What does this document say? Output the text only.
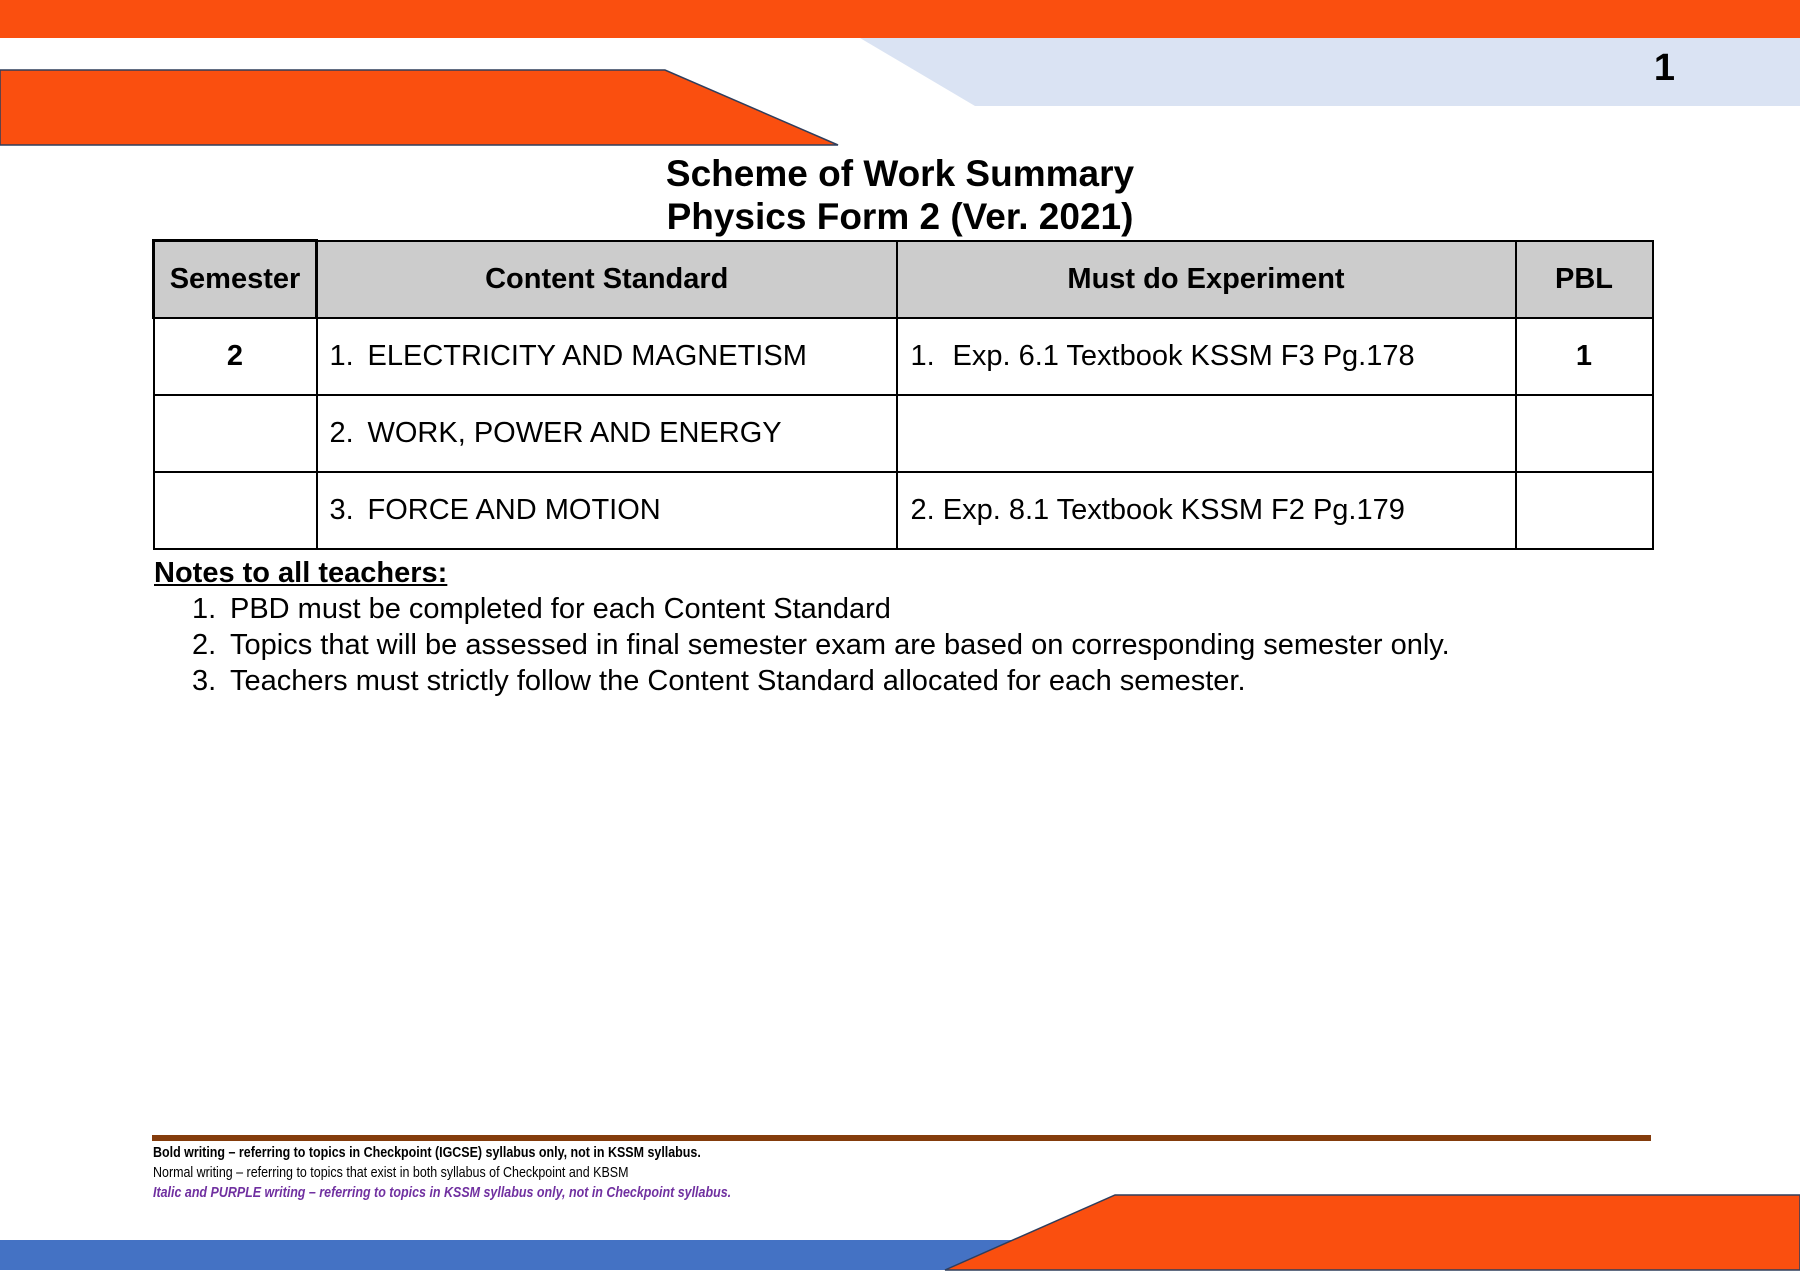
1
Scheme of Work Summary
Physics Form 2 (Ver. 2021)
Semester	Content Standard	Must do Experiment	PBL
2	1. ELECTRICITY AND MAGNETISM	1. Exp. 6.1 Textbook KSSM F3 Pg.178	1
	2. WORK, POWER AND ENERGY		
	3. FORCE AND MOTION	2. Exp. 8.1 Textbook KSSM F2 Pg.179	
Notes to all teachers:
1. PBD must be completed for each Content Standard
2. Topics that will be assessed in final semester exam are based on corresponding semester only.
3. Teachers must strictly follow the Content Standard allocated for each semester.
Bold writing – referring to topics in Checkpoint (IGCSE) syllabus only, not in KSSM syllabus.
Normal writing – referring to topics that exist in both syllabus of Checkpoint and KBSM
Italic and PURPLE writing – referring to topics in KSSM syllabus only, not in Checkpoint syllabus.
